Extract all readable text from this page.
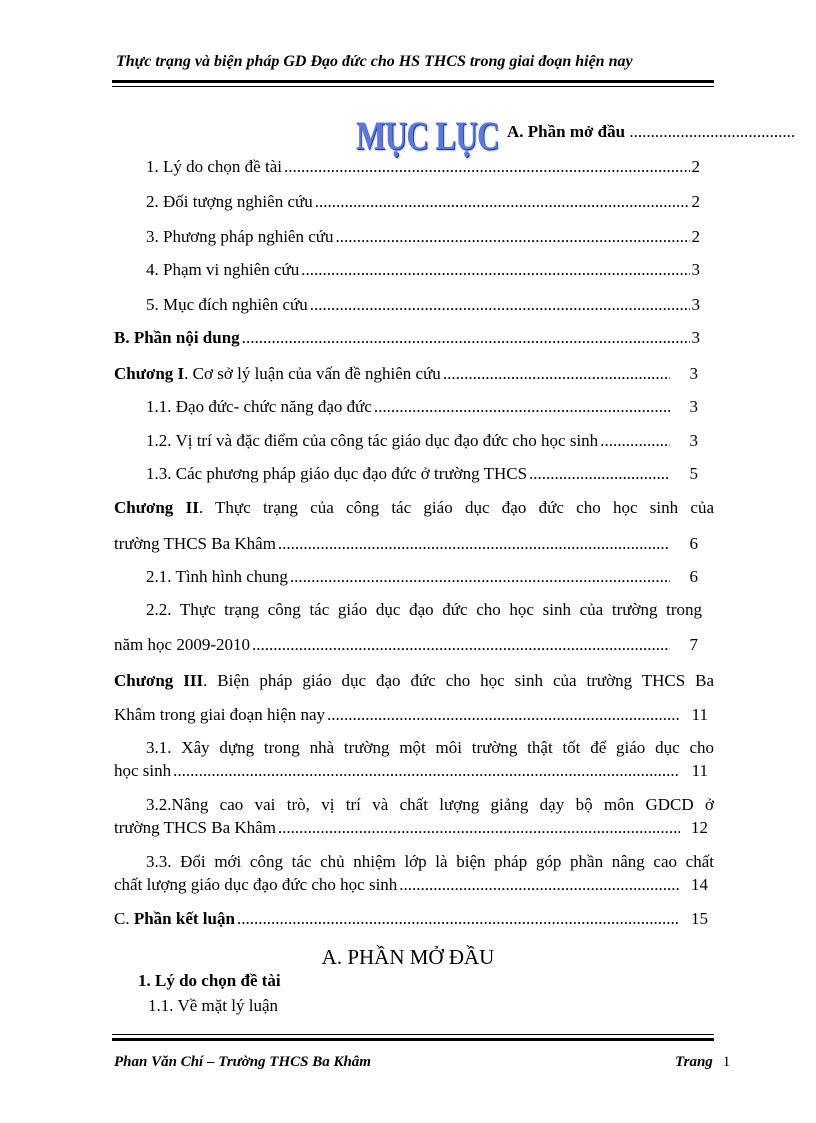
Thực trạng và biện pháp GD Đạo đức cho HS THCS trong giai đoạn hiện nay
MỤC LỤC A. Phần mở đầu .......................................
1. Lý do chọn đề tài .....	2
2. Đối tượng nghiên cứu .....	2
3. Phương pháp nghiên cứu .....	2
4. Phạm vi nghiên cứu .....	3
5. Mục đích nghiên cứu .....	3
B. Phần nội dung .....	3
Chương I. Cơ sở lý luận của vấn đề nghiên cứu .....	3
1.1. Đạo đức- chức năng đạo đức .....	3
1.2. Vị trí và đặc điểm của công tác giáo dục đạo đức cho học sinh .....	3
1.3. Các phương pháp giáo dục đạo đức ở trường THCS .....	5
Chương II. Thực trạng của công tác giáo dục đạo đức cho học sinh của
trường THCS Ba Khâm .....	6
2.1. Tình hình chung .....	6
2.2. Thực trạng công tác giáo dục đạo đức cho học sinh của trường trong
năm học 2009-2010 .....	7
Chương III. Biện pháp giáo dục đạo đức cho học sinh của trường THCS Ba
Khâm trong giai đoạn hiện nay .....	11
3.1. Xây dựng trong nhà trường một môi trường thật tốt để giáo dục cho
học sinh .....	11
3.2.Nâng cao vai trò, vị trí và chất lượng giảng dạy bộ môn GDCD ở
trường THCS Ba Khâm .....	12
3.3. Đổi mới công tác chủ nhiệm lớp là biện pháp góp phần nâng cao chất
chất lượng giáo dục đạo đức cho học sinh .....	14
C. Phần kết luận .....	15
A. PHẦN MỞ ĐẦU
1. Lý do chọn đề tài
1.1. Về mặt lý luận
Phan Văn Chí – Trường THCS Ba Khâm	Trang 1
